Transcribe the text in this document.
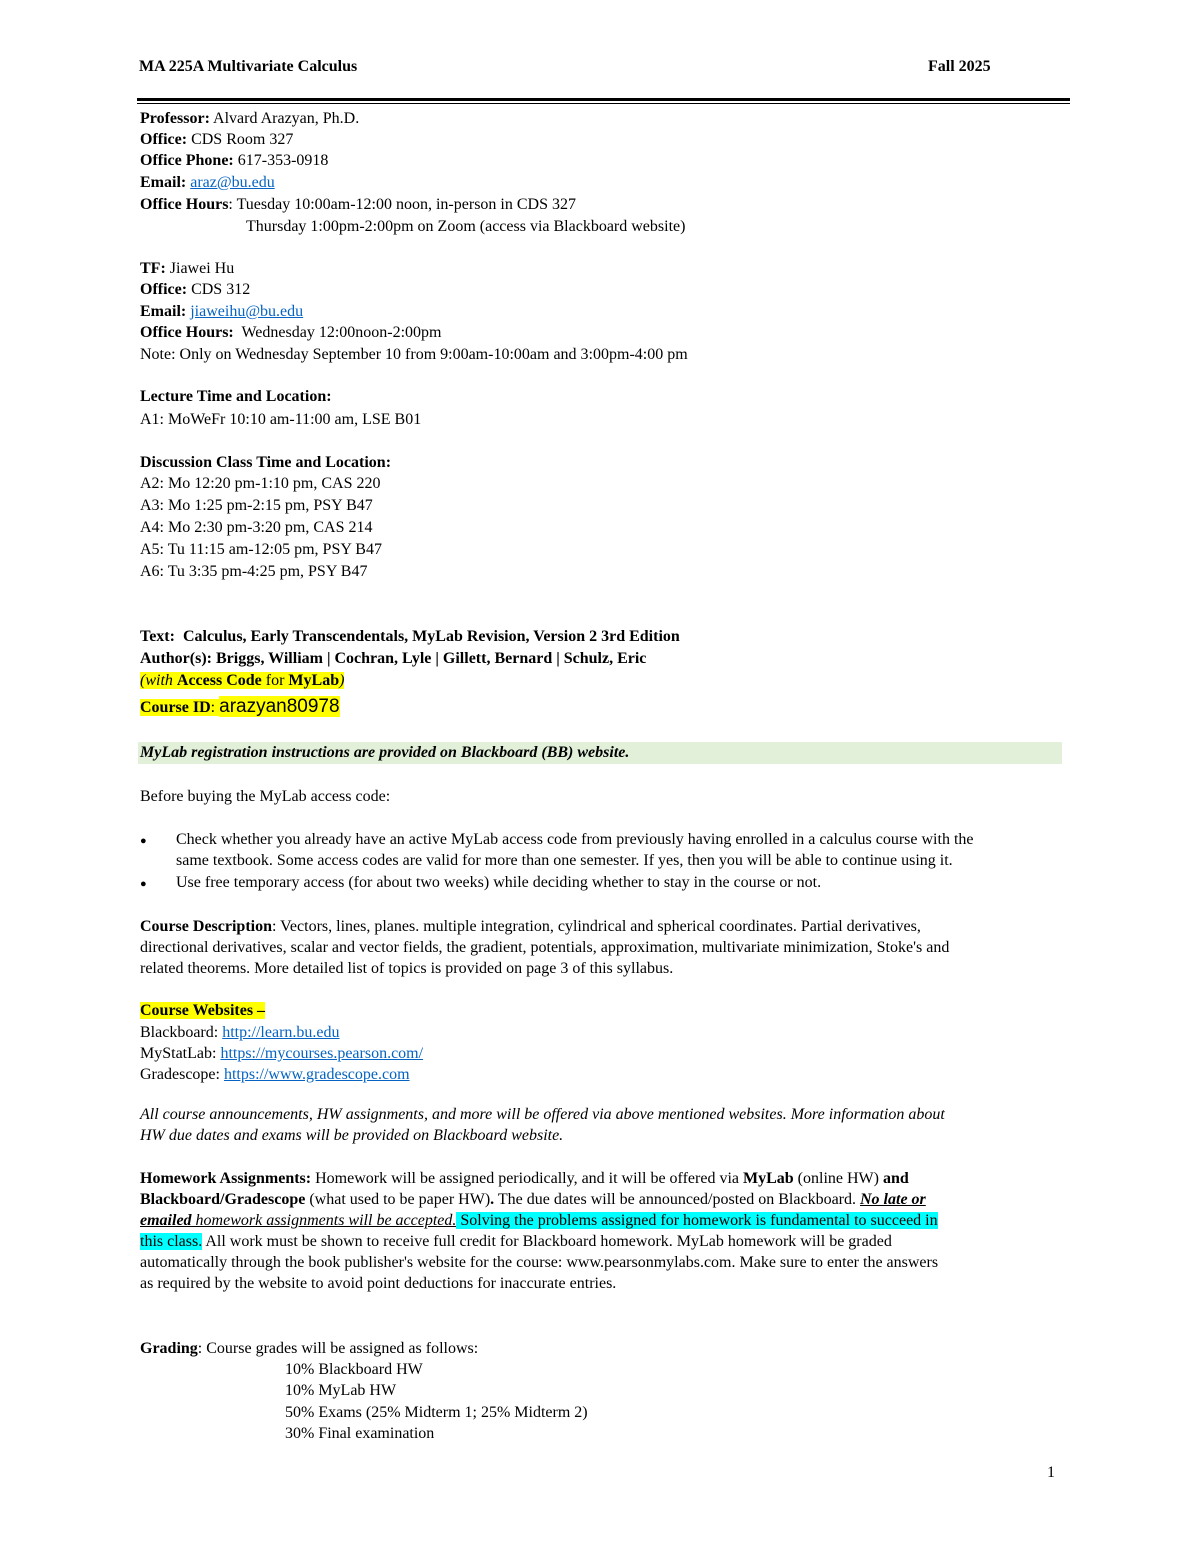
MA 225A Multivariate Calculus	Fall 2025
Professor: Alvard Arazyan, Ph.D.
Office: CDS Room 327
Office Phone: 617-353-0918
Email: araz@bu.edu
Office Hours: Tuesday 10:00am-12:00 noon, in-person in CDS 327
Thursday 1:00pm-2:00pm on Zoom (access via Blackboard website)
TF: Jiawei Hu
Office: CDS 312
Email: jiaweihu@bu.edu
Office Hours: Wednesday 12:00noon-2:00pm
Note: Only on Wednesday September 10 from 9:00am-10:00am and 3:00pm-4:00 pm
Lecture Time and Location:
A1: MoWeFr 10:10 am-11:00 am, LSE B01
Discussion Class Time and Location:
A2: Mo 12:20 pm-1:10 pm, CAS 220
A3: Mo 1:25 pm-2:15 pm, PSY B47
A4: Mo 2:30 pm-3:20 pm, CAS 214
A5: Tu 11:15 am-12:05 pm, PSY B47
A6: Tu 3:35 pm-4:25 pm, PSY B47
Text: Calculus, Early Transcendentals, MyLab Revision, Version 2 3rd Edition
Author(s): Briggs, William | Cochran, Lyle | Gillett, Bernard | Schulz, Eric
(with Access Code for MyLab)
Course ID: arazyan80978
MyLab registration instructions are provided on Blackboard (BB) website.
Before buying the MyLab access code:
●	Check whether you already have an active MyLab access code from previously having enrolled in a calculus course with the
same textbook. Some access codes are valid for more than one semester. If yes, then you will be able to continue using it.
●	Use free temporary access (for about two weeks) while deciding whether to stay in the course or not.
Course Description: Vectors, lines, planes. multiple integration, cylindrical and spherical coordinates. Partial derivatives,
directional derivatives, scalar and vector fields, the gradient, potentials, approximation, multivariate minimization, Stoke's and
related theorems. More detailed list of topics is provided on page 3 of this syllabus.
Course Websites –
Blackboard: http://learn.bu.edu
MyStatLab: https://mycourses.pearson.com/
Gradescope: https://www.gradescope.com
All course announcements, HW assignments, and more will be offered via above mentioned websites. More information about
HW due dates and exams will be provided on Blackboard website.
Homework Assignments: Homework will be assigned periodically, and it will be offered via MyLab (online HW) and
Blackboard/Gradescope (what used to be paper HW). The due dates will be announced/posted on Blackboard. No late or
emailed homework assignments will be accepted. Solving the problems assigned for homework is fundamental to succeed in
this class. All work must be shown to receive full credit for Blackboard homework. MyLab homework will be graded
automatically through the book publisher's website for the course: www.pearsonmylabs.com. Make sure to enter the answers
as required by the website to avoid point deductions for inaccurate entries.
Grading: Course grades will be assigned as follows:
10% Blackboard HW
10% MyLab HW
50% Exams (25% Midterm 1; 25% Midterm 2)
30% Final examination
1
